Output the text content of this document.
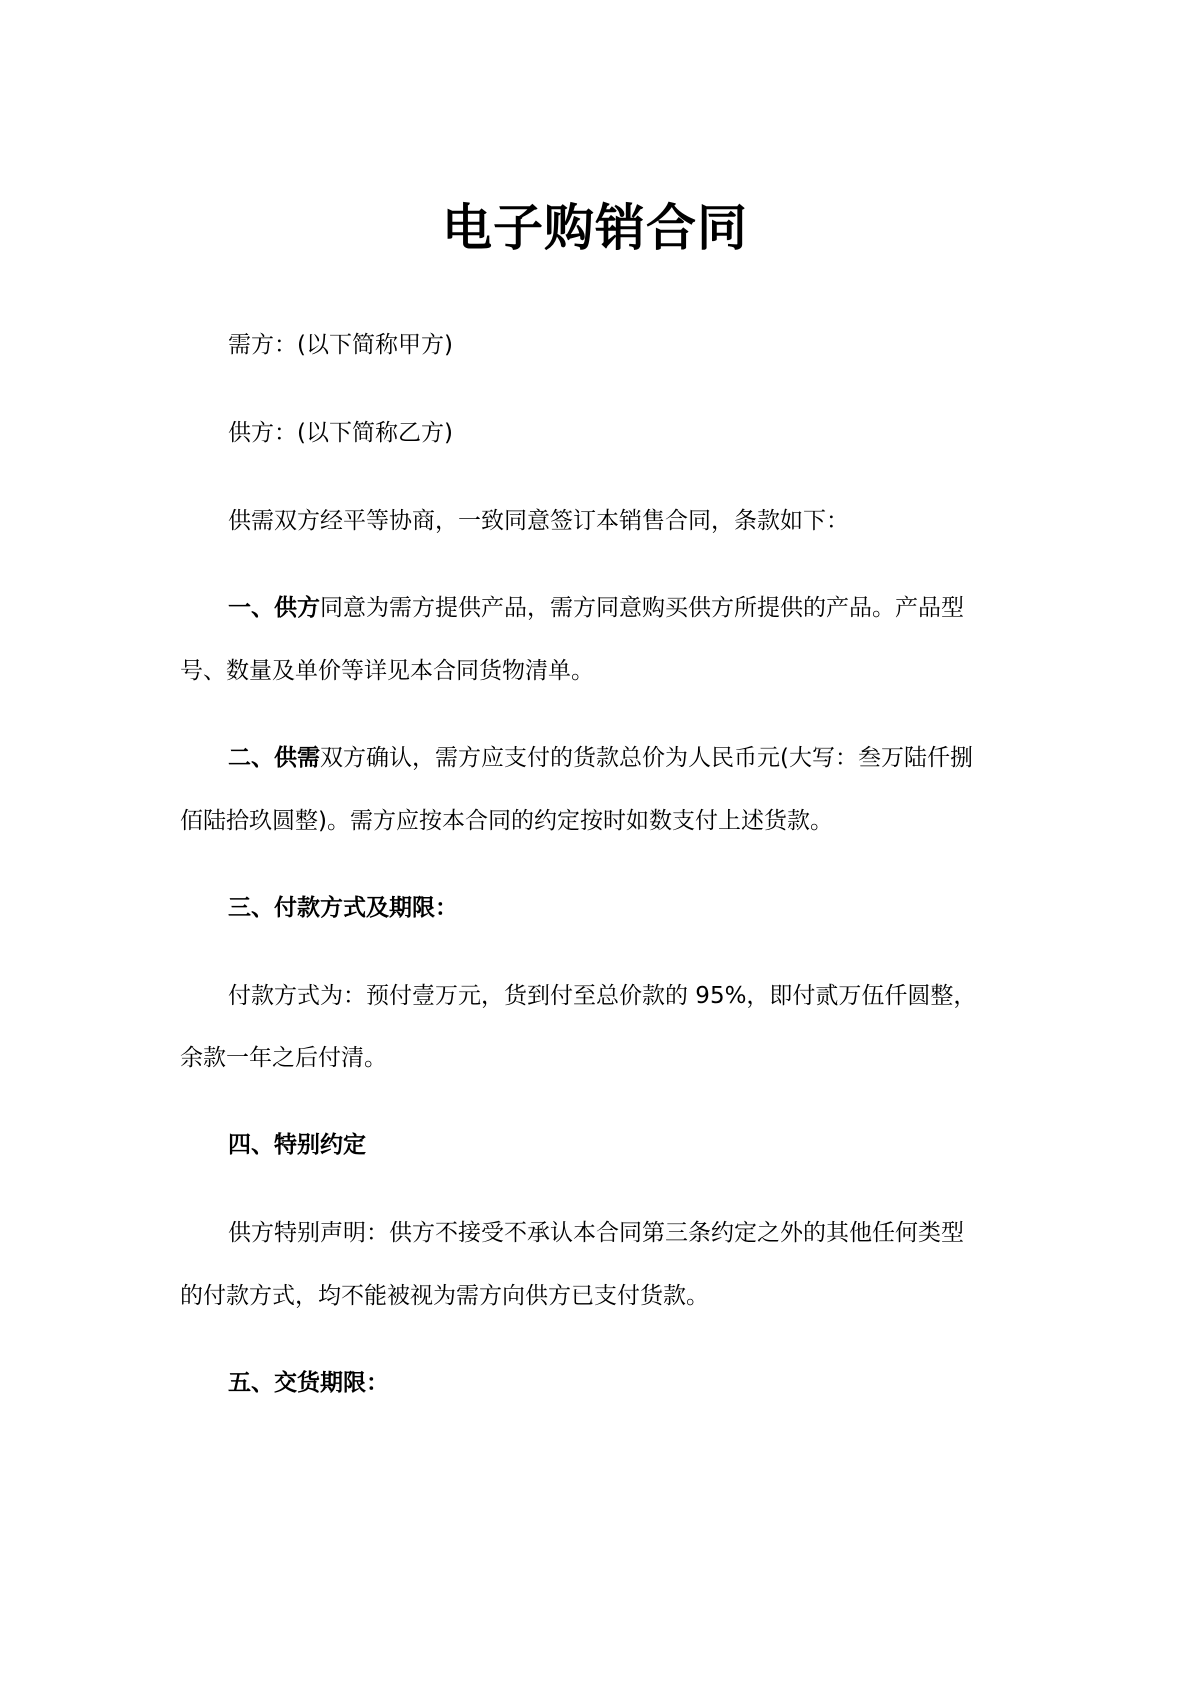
电子购销合同
需方：(以下简称甲方)
供方：(以下简称乙方)
供需双方经平等协商，一致同意签订本销售合同，条款如下：
一、供方同意为需方提供产品，需方同意购买供方所提供的产品。产品型
号、数量及单价等详见本合同货物清单。
二、供需双方确认，需方应支付的货款总价为人民币元(大写：叁万陆仟捌
佰陆拾玖圆整)。需方应按本合同的约定按时如数支付上述货款。
三、付款方式及期限：
付款方式为：预付壹万元，货到付至总价款的 95%，即付贰万伍仟圆整，
余款一年之后付清。
四、特别约定
供方特别声明：供方不接受不承认本合同第三条约定之外的其他任何类型
的付款方式，均不能被视为需方向供方已支付货款。
五、交货期限：
